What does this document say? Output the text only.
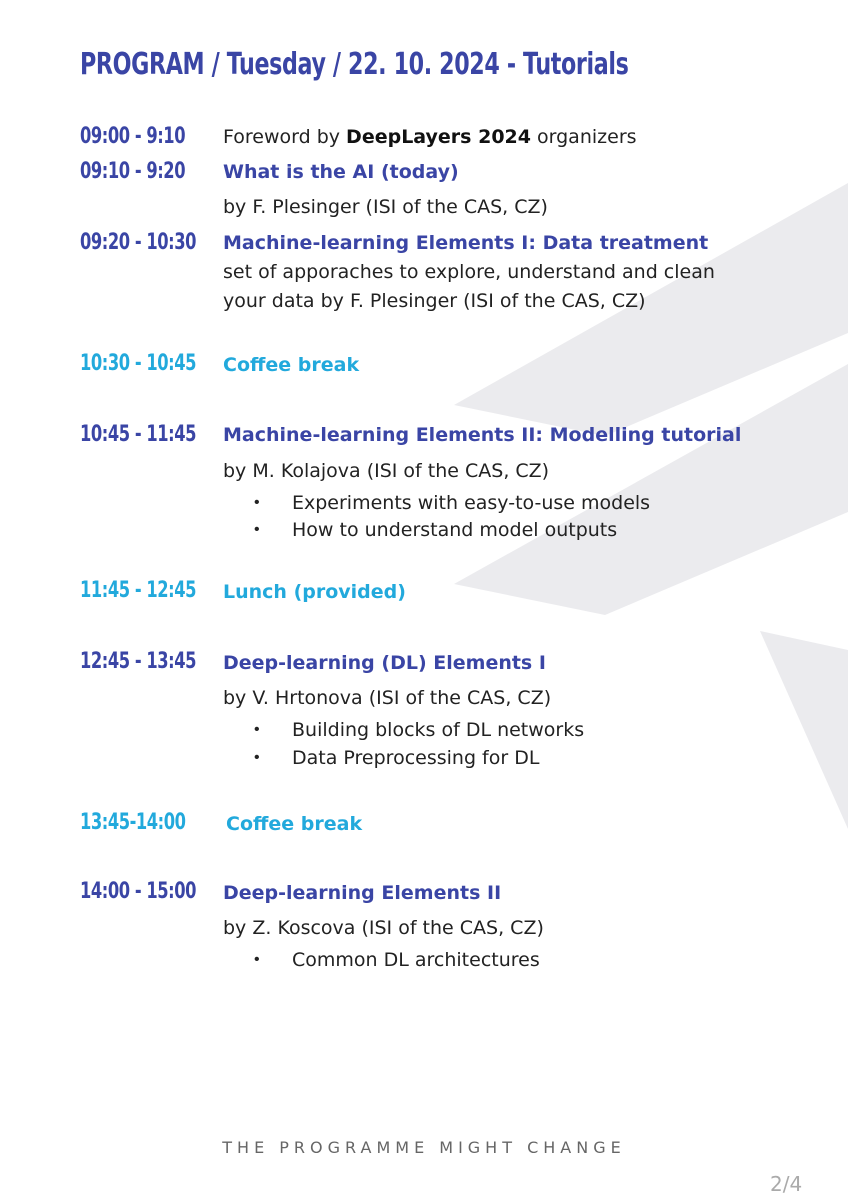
PROGRAM / Tuesday / 22. 10. 2024 - Tutorials
09:00 - 9:10 Foreword by DeepLayers 2024 organizers
09:10 - 9:20 What is the AI (today)
by F. Plesinger (ISI of the CAS, CZ)
09:20 - 10:30 Machine-learning Elements I: Data treatment
set of apporaches to explore, understand and clean
your data by F. Plesinger (ISI of the CAS, CZ)
10:30 - 10:45 Coffee break
10:45 - 11:45 Machine-learning Elements II: Modelling tutorial
by M. Kolajova (ISI of the CAS, CZ)
• Experiments with easy-to-use models
• How to understand model outputs
11:45 - 12:45 Lunch (provided)
12:45 - 13:45 Deep-learning (DL) Elements I
by V. Hrtonova (ISI of the CAS, CZ)
• Building blocks of DL networks
• Data Preprocessing for DL
13:45-14:00 Coffee break
14:00 - 15:00 Deep-learning Elements II
by Z. Koscova (ISI of the CAS, CZ)
• Common DL architectures
THE PROGRAMME MIGHT CHANGE
2/4
